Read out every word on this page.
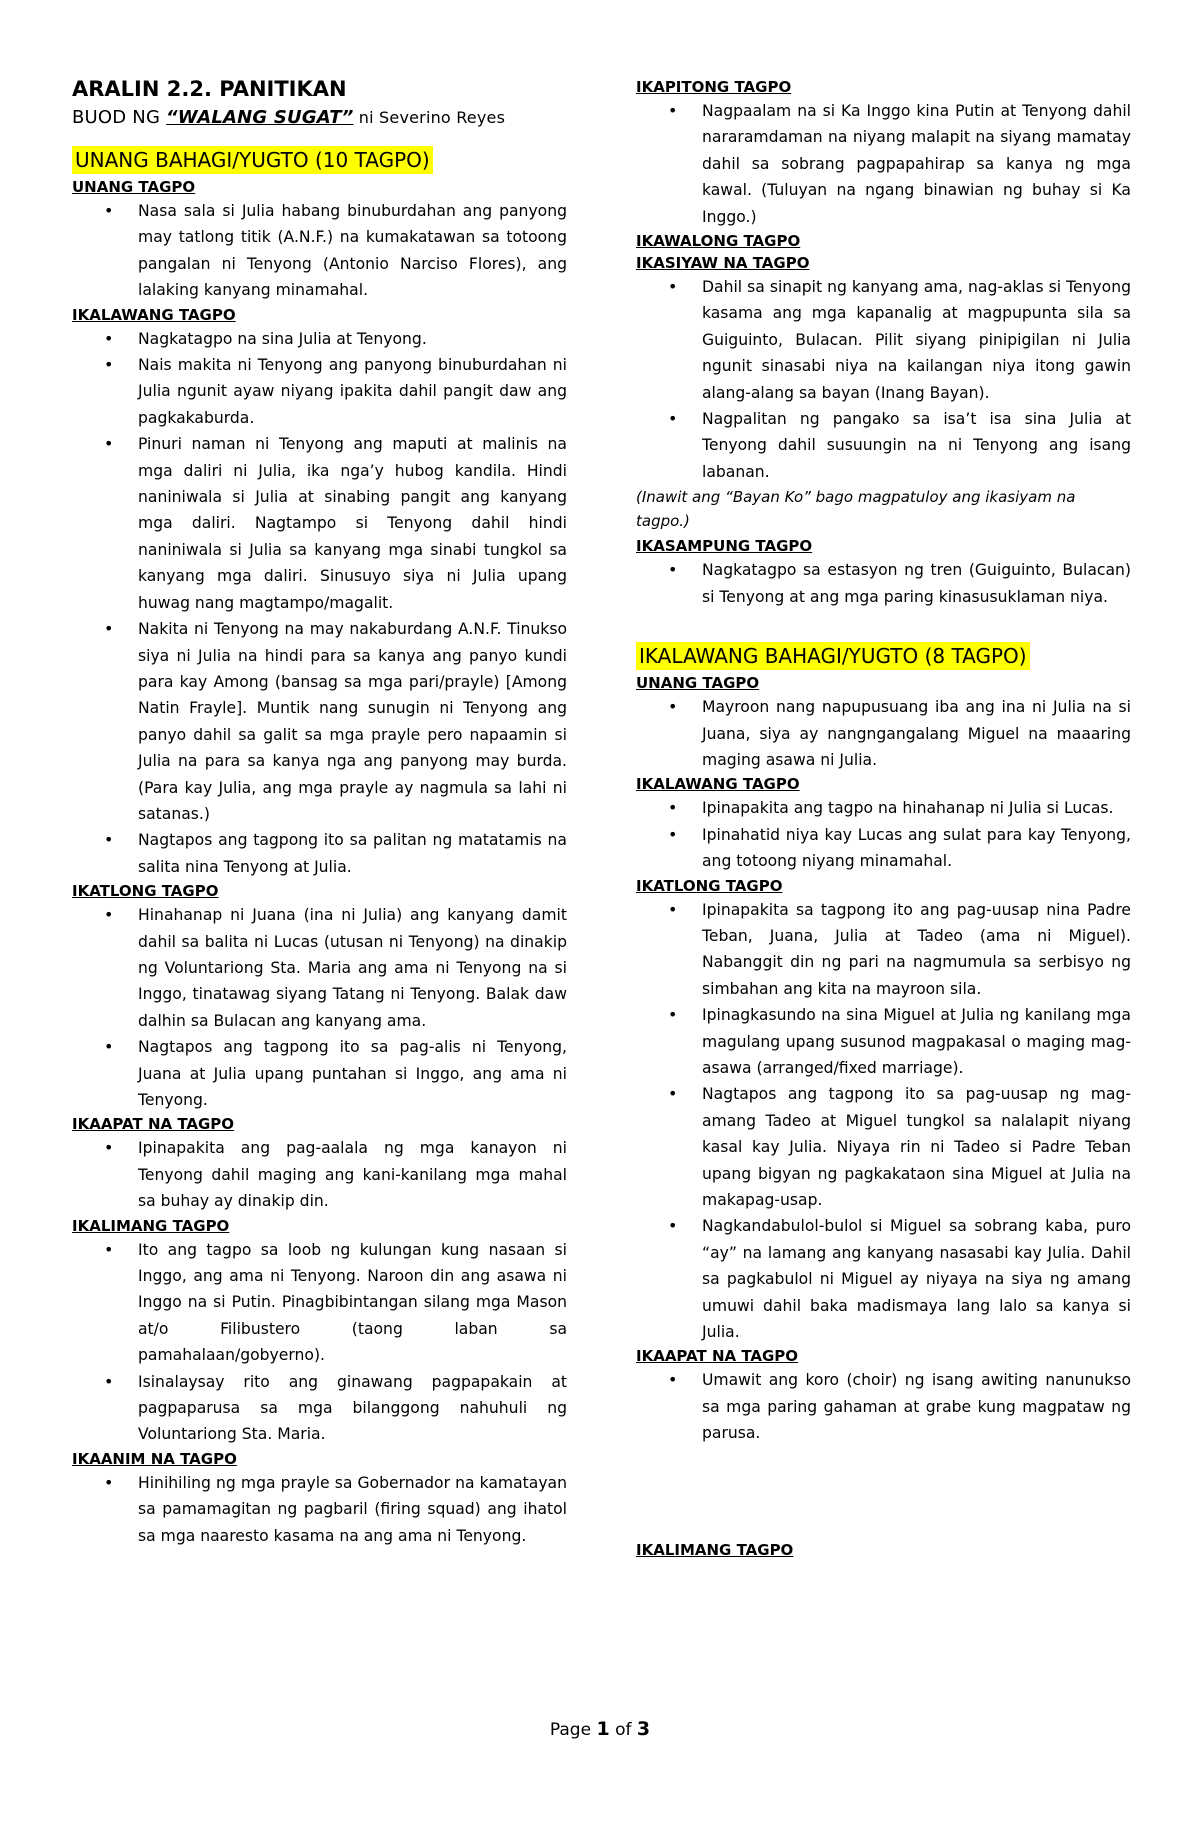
ARALIN 2.2. PANITIKAN
BUOD NG “WALANG SUGAT” ni Severino Reyes
UNANG BAHAGI/YUGTO (10 TAGPO)
UNANG TAGPO
• Nasa sala si Julia habang binuburdahan ang panyong may tatlong titik (A.N.F.) na kumakatawan sa totoong pangalan ni Tenyong (Antonio Narciso Flores), ang lalaking kanyang minamahal.
IKALAWANG TAGPO
• Nagkatagpo na sina Julia at Tenyong.
• Nais makita ni Tenyong ang panyong binuburdahan ni Julia ngunit ayaw niyang ipakita dahil pangit daw ang pagkakaburda.
• Pinuri naman ni Tenyong ang maputi at malinis na mga daliri ni Julia, ika nga’y hubog kandila. Hindi naniniwala si Julia at sinabing pangit ang kanyang mga daliri. Nagtampo si Tenyong dahil hindi naniniwala si Julia sa kanyang mga sinabi tungkol sa kanyang mga daliri. Sinusuyo siya ni Julia upang huwag nang magtampo/magalit.
• Nakita ni Tenyong na may nakaburdang A.N.F. Tinukso siya ni Julia na hindi para sa kanya ang panyo kundi para kay Among (bansag sa mga pari/prayle) [Among Natin Frayle]. Muntik nang sunugin ni Tenyong ang panyo dahil sa galit sa mga prayle pero napaamin si Julia na para sa kanya nga ang panyong may burda. (Para kay Julia, ang mga prayle ay nagmula sa lahi ni satanas.)
• Nagtapos ang tagpong ito sa palitan ng matatamis na salita nina Tenyong at Julia.
IKATLONG TAGPO
• Hinahanap ni Juana (ina ni Julia) ang kanyang damit dahil sa balita ni Lucas (utusan ni Tenyong) na dinakip ng Voluntariong Sta. Maria ang ama ni Tenyong na si Inggo, tinatawag siyang Tatang ni Tenyong. Balak daw dalhin sa Bulacan ang kanyang ama.
• Nagtapos ang tagpong ito sa pag-alis ni Tenyong, Juana at Julia upang puntahan si Inggo, ang ama ni Tenyong.
IKAAPAT NA TAGPO
• Ipinapakita ang pag-aalala ng mga kanayon ni Tenyong dahil maging ang kani-kanilang mga mahal sa buhay ay dinakip din.
IKALIMANG TAGPO
• Ito ang tagpo sa loob ng kulungan kung nasaan si Inggo, ang ama ni Tenyong. Naroon din ang asawa ni Inggo na si Putin. Pinagbibintangan silang mga Mason at/o Filibustero (taong laban sa pamahalaan/gobyerno).
• Isinalaysay rito ang ginawang pagpapakain at pagpaparusa sa mga bilanggong nahuhuli ng Voluntariong Sta. Maria.
IKAANIM NA TAGPO
• Hinihiling ng mga prayle sa Gobernador na kamatayan sa pamamagitan ng pagbaril (firing squad) ang ihatol sa mga naaresto kasama na ang ama ni Tenyong.
IKAPITONG TAGPO
• Nagpaalam na si Ka Inggo kina Putin at Tenyong dahil nararamdaman na niyang malapit na siyang mamatay dahil sa sobrang pagpapahirap sa kanya ng mga kawal. (Tuluyan na ngang binawian ng buhay si Ka Inggo.)
IKAWALONG TAGPO
IKASIYAW NA TAGPO
• Dahil sa sinapit ng kanyang ama, nag-aklas si Tenyong kasama ang mga kapanalig at magpupunta sila sa Guiguinto, Bulacan. Pilit siyang pinipigilan ni Julia ngunit sinasabi niya na kailangan niya itong gawin alang-alang sa bayan (Inang Bayan).
• Nagpalitan ng pangako sa isa’t isa sina Julia at Tenyong dahil susuungin na ni Tenyong ang isang labanan.
(Inawit ang “Bayan Ko” bago magpatuloy ang ikasiyam na tagpo.)
IKASAMPUNG TAGPO
• Nagkatagpo sa estasyon ng tren (Guiguinto, Bulacan) si Tenyong at ang mga paring kinasusuklaman niya.
IKALAWANG BAHAGI/YUGTO (8 TAGPO)
UNANG TAGPO
• Mayroon nang napupusuang iba ang ina ni Julia na si Juana, siya ay nangngangalang Miguel na maaaring maging asawa ni Julia.
IKALAWANG TAGPO
• Ipinapakita ang tagpo na hinahanap ni Julia si Lucas.
• Ipinahatid niya kay Lucas ang sulat para kay Tenyong, ang totoong niyang minamahal.
IKATLONG TAGPO
• Ipinapakita sa tagpong ito ang pag-uusap nina Padre Teban, Juana, Julia at Tadeo (ama ni Miguel). Nabanggit din ng pari na nagmumula sa serbisyo ng simbahan ang kita na mayroon sila.
• Ipinagkasundo na sina Miguel at Julia ng kanilang mga magulang upang susunod magpakasal o maging mag-asawa (arranged/fixed marriage).
• Nagtapos ang tagpong ito sa pag-uusap ng mag-amang Tadeo at Miguel tungkol sa nalalapit niyang kasal kay Julia. Niyaya rin ni Tadeo si Padre Teban upang bigyan ng pagkakataon sina Miguel at Julia na makapag-usap.
• Nagkandabulol-bulol si Miguel sa sobrang kaba, puro “ay” na lamang ang kanyang nasasabi kay Julia. Dahil sa pagkabulol ni Miguel ay niyaya na siya ng amang umuwi dahil baka madismaya lang lalo sa kanya si Julia.
IKAAPAT NA TAGPO
• Umawit ang koro (choir) ng isang awiting nanunukso sa mga paring gahaman at grabe kung magpataw ng parusa.
IKALIMANG TAGPO
Page 1 of 3
